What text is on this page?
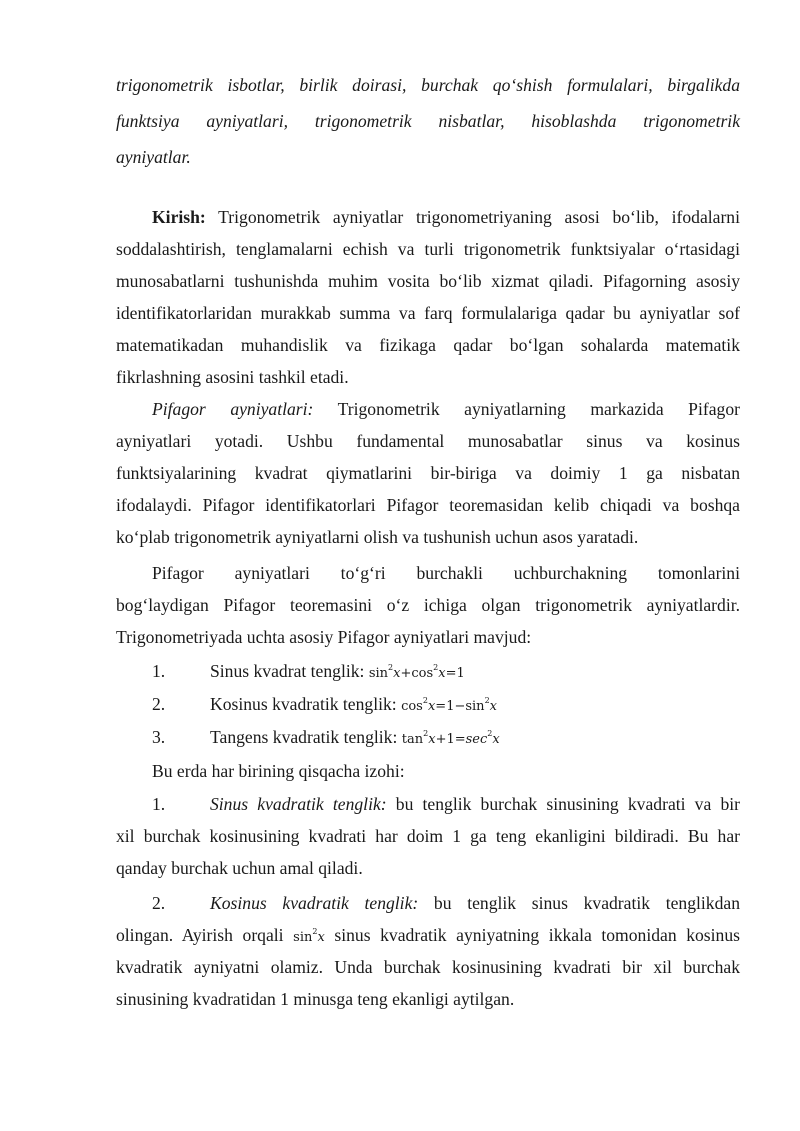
trigonometrik isbotlar, birlik doirasi, burchak qo‘shish formulalari, birgalikda
funktsiya ayniyatlari, trigonometrik nisbatlar, hisoblashda trigonometrik
ayniyatlar.
Kirish: Trigonometrik ayniyatlar trigonometriyaning asosi bo‘lib, ifodalarni
soddalashtirish, tenglamalarni echish va turli trigonometrik funktsiyalar o‘rtasidagi
munosabatlarni tushunishda muhim vosita bo‘lib xizmat qiladi. Pifagorning asosiy
identifikatorlaridan murakkab summa va farq formulalariga qadar bu ayniyatlar sof
matematikadan muhandislik va fizikaga qadar bo‘lgan sohalarda matematik
fikrlashning asosini tashkil etadi.
Pifagor ayniyatlari: Trigonometrik ayniyatlarning markazida Pifagor
ayniyatlari yotadi. Ushbu fundamental munosabatlar sinus va kosinus
funktsiyalarining kvadrat qiymatlarini bir-biriga va doimiy 1 ga nisbatan
ifodalaydi. Pifagor identifikatorlari Pifagor teoremasidan kelib chiqadi va boshqa
ko‘plab trigonometrik ayniyatlarni olish va tushunish uchun asos yaratadi.
Pifagor ayniyatlari to‘g‘ri burchakli uchburchakning tomonlarini
bog‘laydigan Pifagor teoremasini o‘z ichiga olgan trigonometrik ayniyatlardir.
Trigonometriyada uchta asosiy Pifagor ayniyatlari mavjud:
1.	Sinus kvadrat tenglik: $\sin^2x+\cos^2x=1$
2.	Kosinus kvadratik tenglik: $\cos^2x=1-\sin^2x$
3.	Tangens kvadratik tenglik: $\tan^2x+1=\sec^2x$
Bu erda har birining qisqacha izohi:
1.	Sinus kvadratik tenglik: bu tenglik burchak sinusining kvadrati va bir
xil burchak kosinusining kvadrati har doim 1 ga teng ekanligini bildiradi. Bu har
qanday burchak uchun amal qiladi.
2.	Kosinus kvadratik tenglik: bu tenglik sinus kvadratik tenglikdan
olingan. Ayirish orqali $\sin^2x$ sinus kvadratik ayniyatning ikkala tomonidan kosinus
kvadratik ayniyatni olamiz. Unda burchak kosinusining kvadrati bir xil burchak
sinusining kvadratidan 1 minusga teng ekanligi aytilgan.
